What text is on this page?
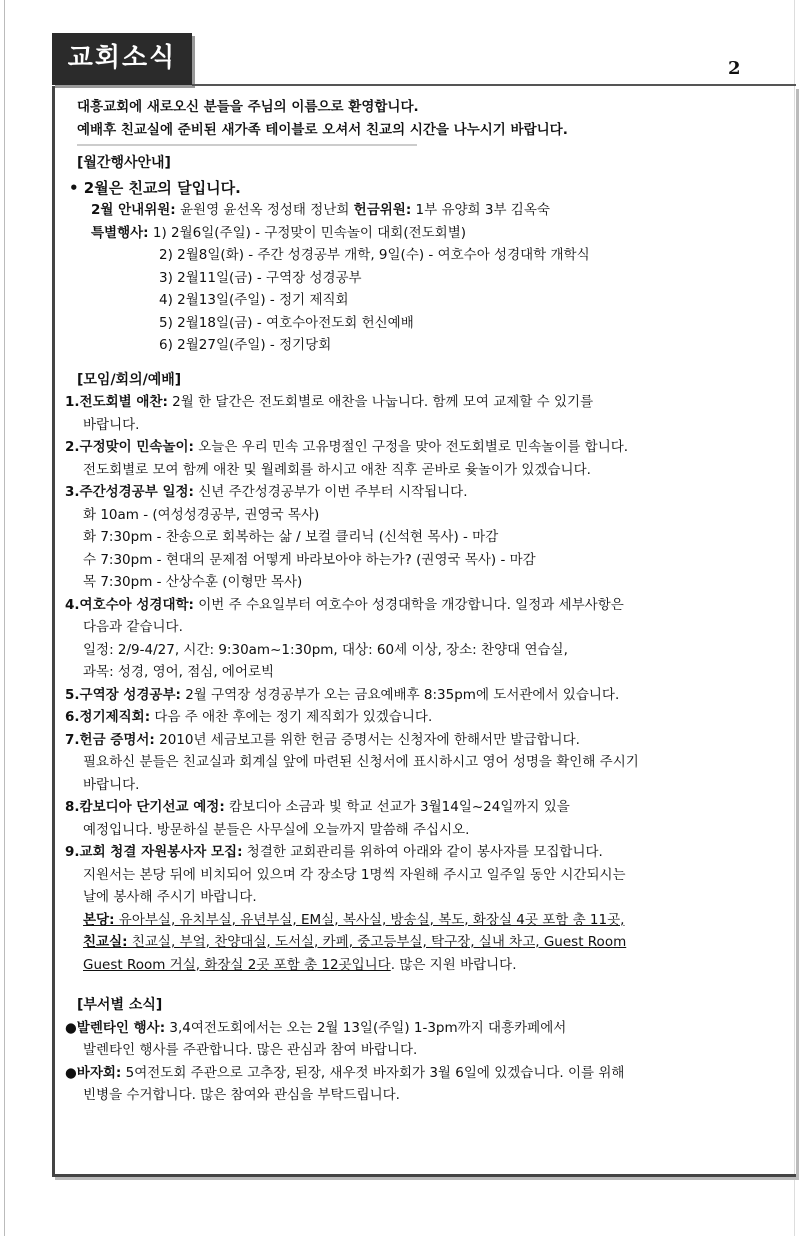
교회소식	2
대흥교회에 새로오신 분들을 주님의 이름으로 환영합니다.
예배후 친교실에 준비된 새가족 테이블로 오셔서 친교의 시간을 나누시기 바랍니다.
[월간행사안내]
• 2월은 친교의 달입니다.
2월 안내위원: 윤원영 윤선옥 정성태 정난희 헌금위원: 1부 유양희 3부 김옥숙
특별행사: 1) 2월6일(주일) - 구정맞이 민속놀이 대회(전도회별)
2) 2월8일(화) - 주간 성경공부 개학, 9일(수) - 여호수아 성경대학 개학식
3) 2월11일(금) - 구역장 성경공부
4) 2월13일(주일) - 정기 제직회
5) 2월18일(금) - 여호수아전도회 헌신예배
6) 2월27일(주일) - 정기당회
[모임/회의/예배]
1.전도회별 애찬: 2월 한 달간은 전도회별로 애찬을 나눕니다. 함께 모여 교제할 수 있기를
바랍니다.
2.구정맞이 민속놀이: 오늘은 우리 민속 고유명절인 구정을 맞아 전도회별로 민속놀이를 합니다.
전도회별로 모여 함께 애찬 및 월례회를 하시고 애찬 직후 곧바로 윷놀이가 있겠습니다.
3.주간성경공부 일정: 신년 주간성경공부가 이번 주부터 시작됩니다.
화 10am - (여성성경공부, 권영국 목사)
화 7:30pm - 찬송으로 회복하는 삶 / 보컬 클리닉 (신석현 목사) - 마감
수 7:30pm - 현대의 문제점 어떻게 바라보아야 하는가? (권영국 목사) - 마감
목 7:30pm - 산상수훈 (이형만 목사)
4.여호수아 성경대학: 이번 주 수요일부터 여호수아 성경대학을 개강합니다. 일정과 세부사항은
다음과 같습니다.
일정: 2/9-4/27, 시간: 9:30am~1:30pm, 대상: 60세 이상, 장소: 찬양대 연습실,
과목: 성경, 영어, 점심, 에어로빅
5.구역장 성경공부: 2월 구역장 성경공부가 오는 금요예배후 8:35pm에 도서관에서 있습니다.
6.정기제직회: 다음 주 애찬 후에는 정기 제직회가 있겠습니다.
7.헌금 증명서: 2010년 세금보고를 위한 헌금 증명서는 신청자에 한해서만 발급합니다.
필요하신 분들은 친교실과 회계실 앞에 마련된 신청서에 표시하시고 영어 성명을 확인해 주시기
바랍니다.
8.캄보디아 단기선교 예정: 캄보디아 소금과 빛 학교 선교가 3월14일~24일까지 있을
예정입니다. 방문하실 분들은 사무실에 오늘까지 말씀해 주십시오.
9.교회 청결 자원봉사자 모집: 청결한 교회관리를 위하여 아래와 같이 봉사자를 모집합니다.
지원서는 본당 뒤에 비치되어 있으며 각 장소당 1명씩 자원해 주시고 일주일 동안 시간되시는
날에 봉사해 주시기 바랍니다.
본당: 유아부실, 유치부실, 유년부실, EM실, 복사실, 방송실, 복도, 화장실 4곳 포함 총 11곳,
친교실: 친교실, 부엌, 찬양대실, 도서실, 카페, 중고등부실, 탁구장, 실내 차고, Guest Room
Guest Room 거실, 화장실 2곳 포함 총 12곳입니다. 많은 지원 바랍니다.
[부서별 소식]
●발렌타인 행사: 3,4여전도회에서는 오는 2월 13일(주일) 1-3pm까지 대흥카페에서
발렌타인 행사를 주관합니다. 많은 관심과 참여 바랍니다.
●바자회: 5여전도회 주관으로 고추장, 된장, 새우젓 바자회가 3월 6일에 있겠습니다. 이를 위해
빈병을 수거합니다. 많은 참여와 관심을 부탁드립니다.
